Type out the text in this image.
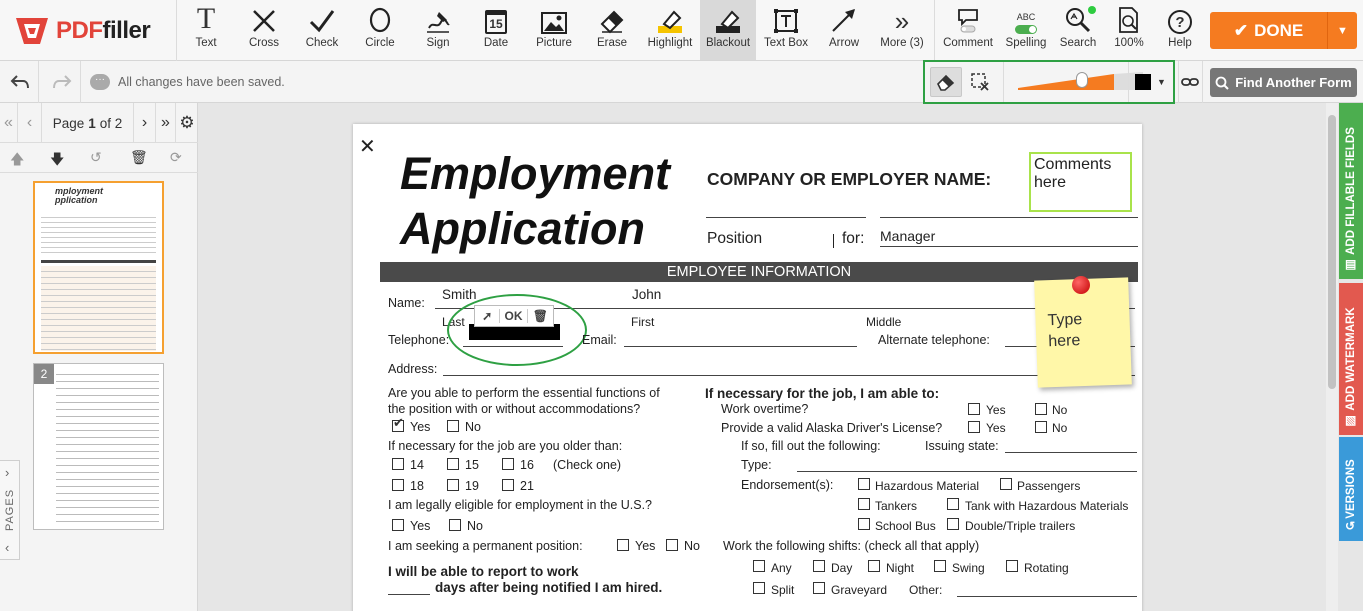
PDFfiller T
Text	Cross Check Circle	Sign
15
Date Picture Erase Highlight Blackout Text Box Arrow
»
More (3) Comment
ABC
Spelling Search 100%
?
Help
✔ DONE	▼
···	All changes have been saved.	▼	Find Another Form
« ‹ Page 1 of 2 › » ⚙
🡅 🡇 ↺ 🗑 ⟳
mployment
pplication
2
›
PAGES
‹
✕
Employment
Application
COMPANY OR EMPLOYER NAME:
Comments here
Position	for: Manager
EMPLOYEE INFORMATION
Name:
Smith	John
Last	First	Middle
Telephone:
➚	OK 🗑
Email:	Alternate telephone:
Address:
Type here
Are you able to perform the essential functions of
the position with or without accommodations?
✔ Yes	No
If necessary for the job are you older than:
14	15	16 (Check one)
18	19	21
I am legally eligible for employment in the U.S.?
Yes	No
I am seeking a permanent position:	Yes No
I will be able to report to work
days after being notified I am hired.
If necessary for the job, I am able to:
Work overtime?	Yes	No
Provide a valid Alaska Driver's License?	Yes	No
If so, fill out the following:	Issuing state:
Type:
Endorsement(s):	Hazardous Material	Passengers
Tankers	Tank with Hazardous Materials
School Bus Double/Triple trailers
Work the following shifts: (check all that apply)
Any	Day	Night	Swing	Rotating
Split	Graveyard Other:
ADD FILLABLE FIELDS
▤
ADD WATERMARK
▧
VERSIONS
↺
